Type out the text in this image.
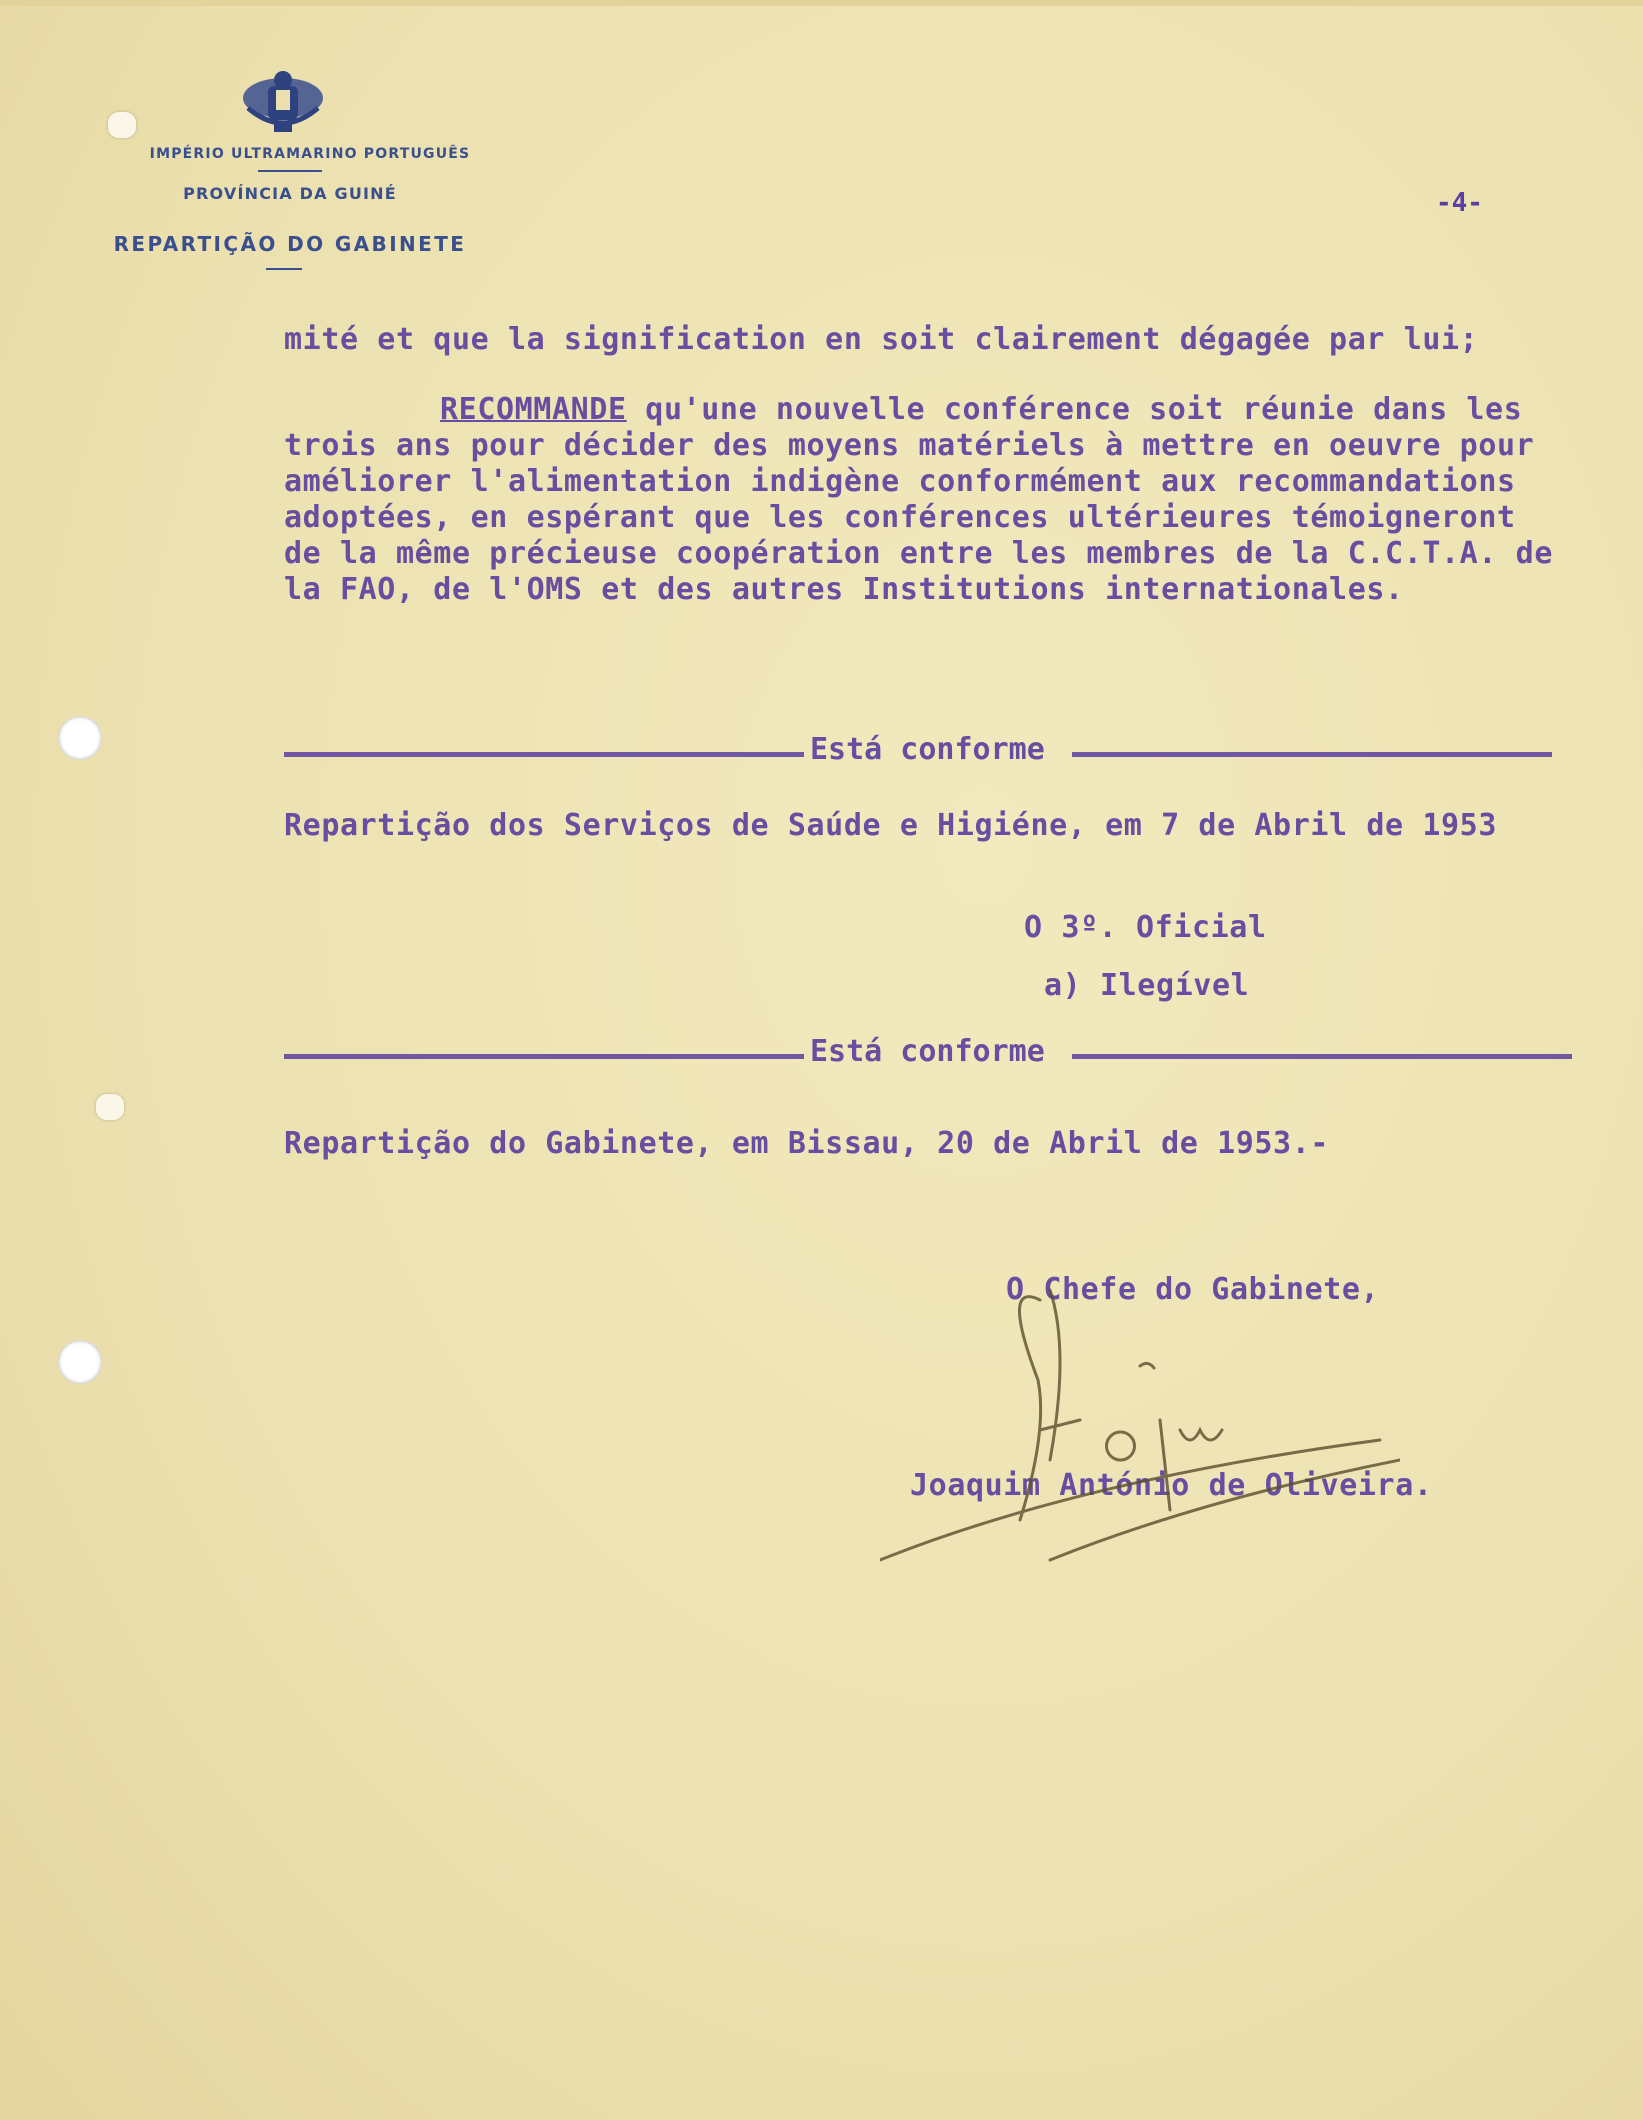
IMPÉRIO ULTRAMARINO PORTUGUÊS
PROVÍNCIA DA GUINÉ
REPARTIÇÃO DO GABINETE
-4-
mité et que la signification en soit clairement dégagée par lui;
RECOMMANDE qu'une nouvelle conférence soit réunie dans les
trois ans pour décider des moyens matériels à mettre en oeuvre pour
améliorer l'alimentation indigène conformément aux recommandations
adoptées, en espérant que les conférences ultérieures témoigneront
de la même précieuse coopération entre les membres de la C.C.T.A. de
la FAO, de l'OMS et des autres Institutions internationales.
Está conforme
Repartição dos Serviços de Saúde e Higiéne, em 7 de Abril de 1953
O 3º. Oficial
a) Ilegível
Está conforme
Repartição do Gabinete, em Bissau, 20 de Abril de 1953.-
O Chefe do Gabinete,
Joaquim António de Oliveira.
